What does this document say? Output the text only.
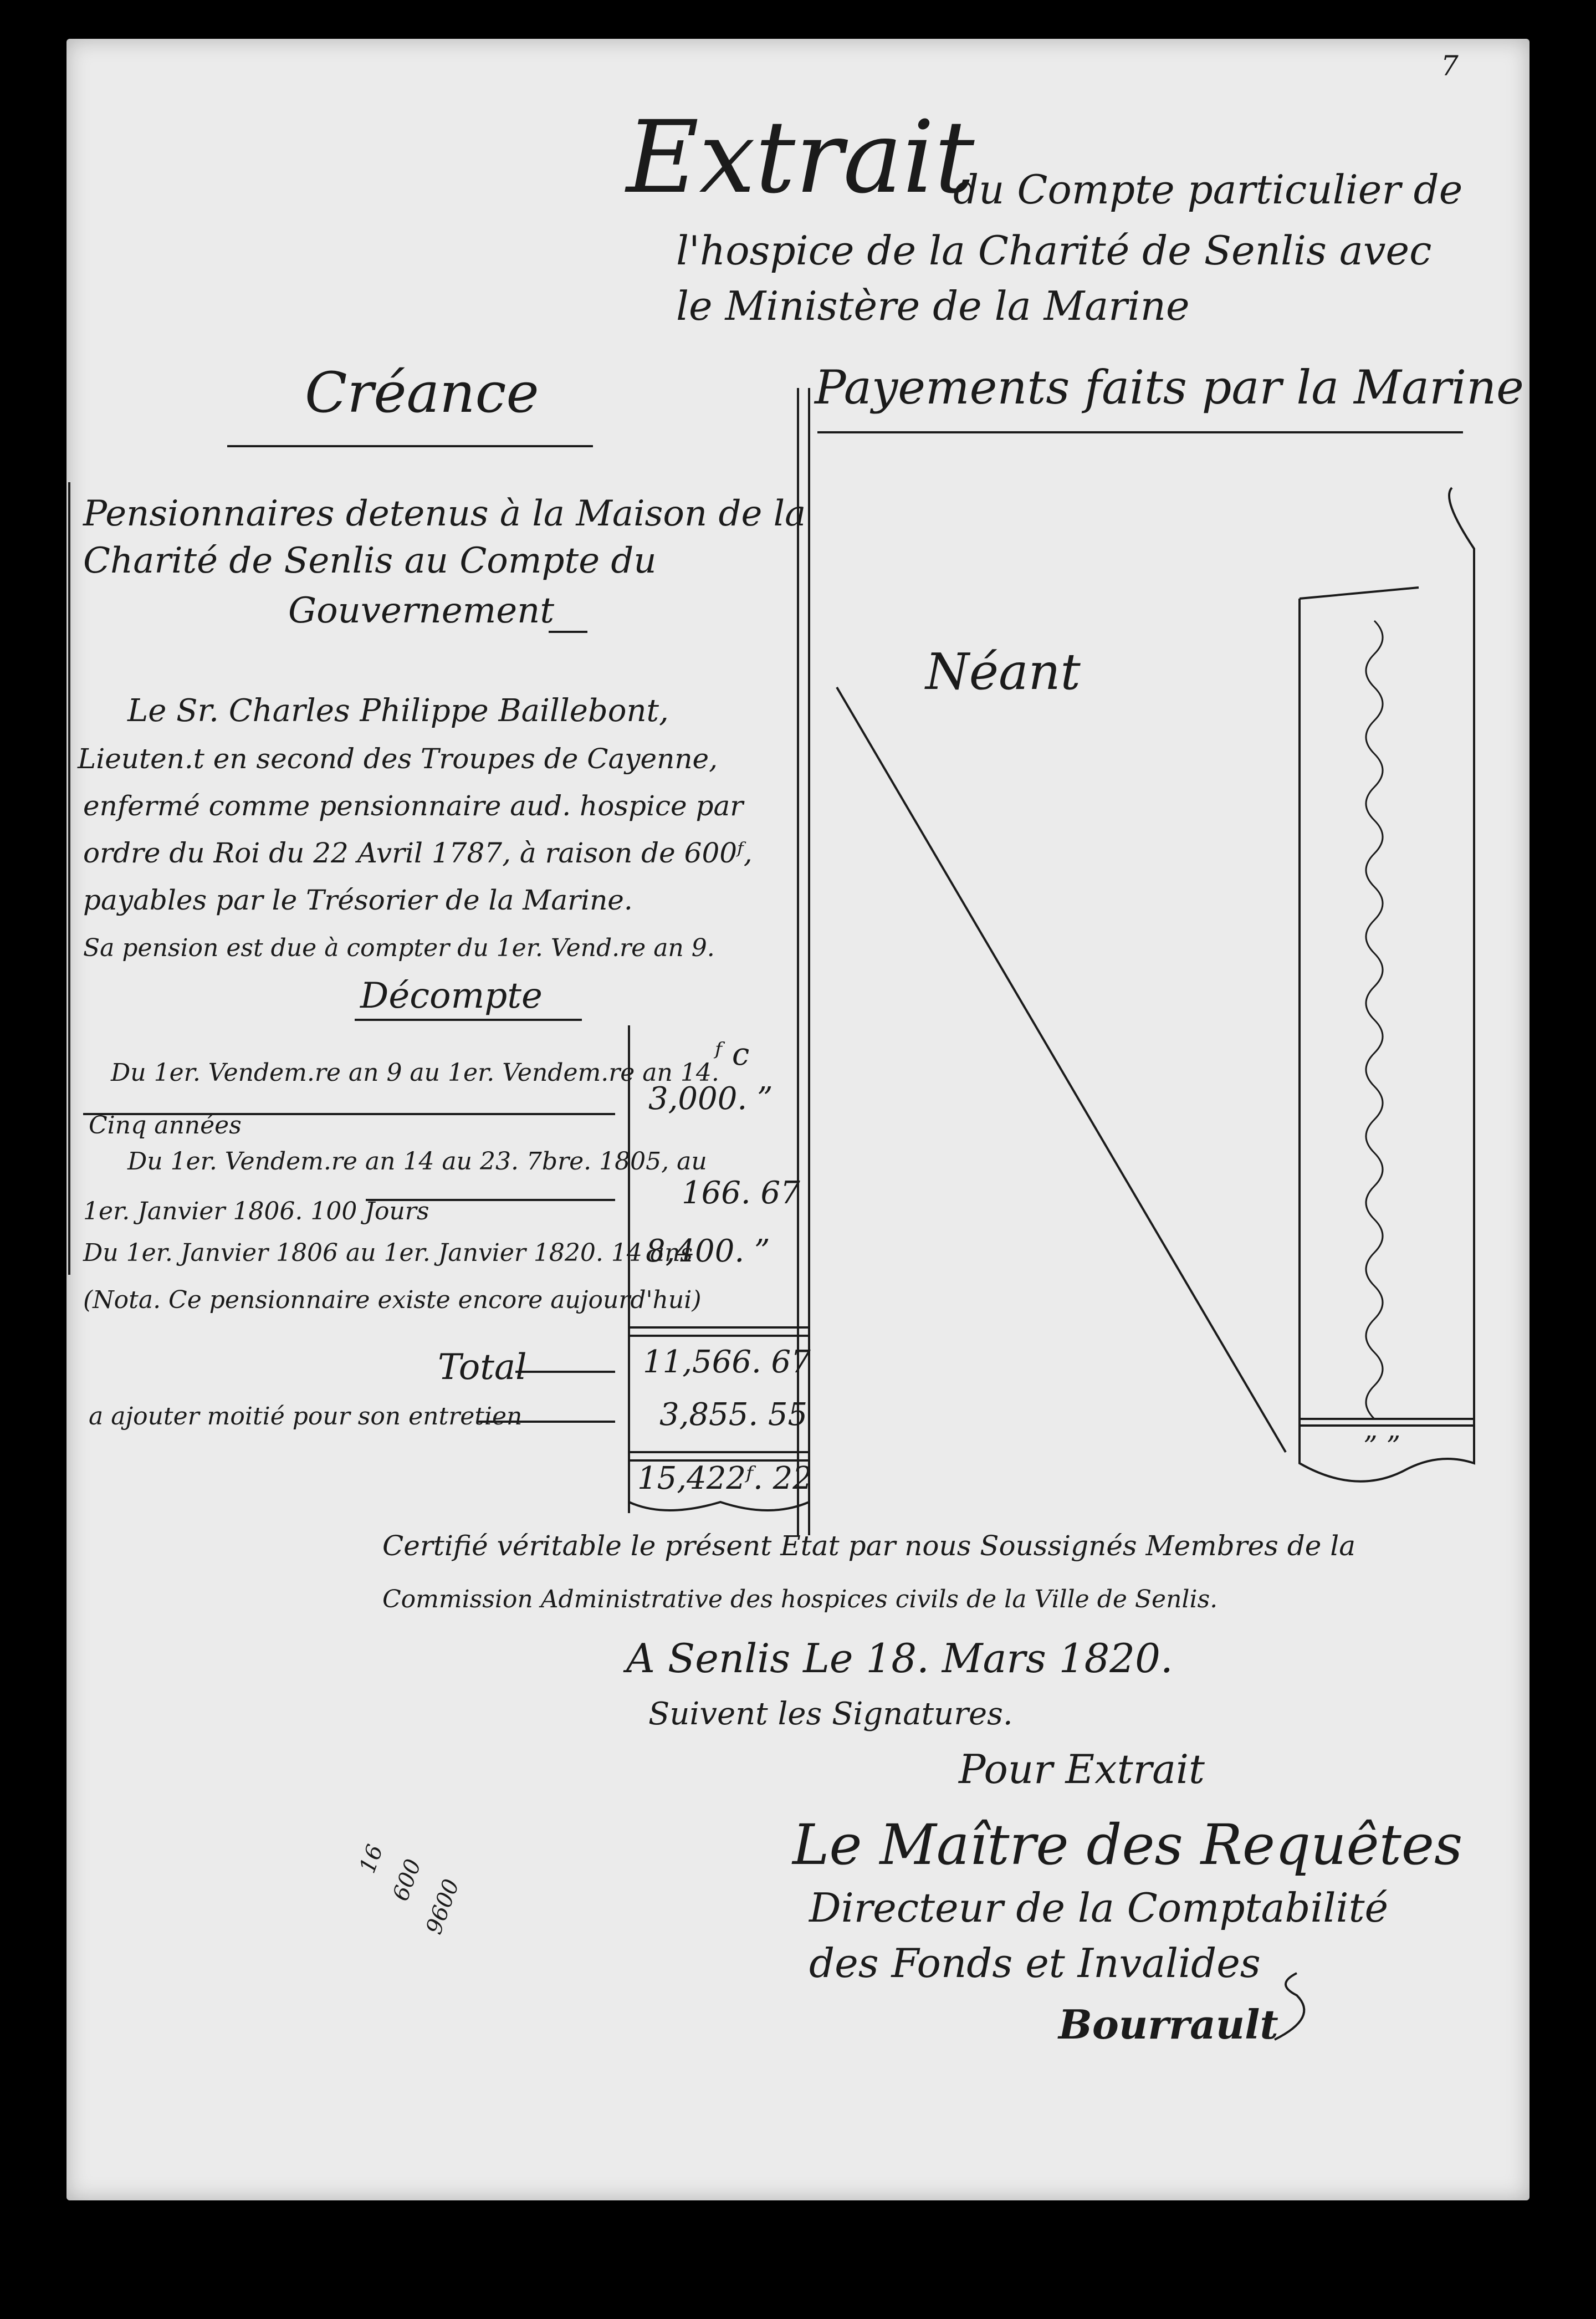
7
Extrait
du Compte particulier de
l'hospice de la Charité de Senlis avec
le Ministère de la Marine
Créance
Pensionnaires detenus à la Maison de la
Charité de Senlis au Compte du
Gouvernement
Le Sr. Charles Philippe Baillebont,
Lieuten.t en second des Troupes de Cayenne,
enfermé comme pensionnaire aud. hospice par
ordre du Roi du 22 Avril 1787, à raison de 600ᶠ,
payables par le Trésorier de la Marine.
Sa pension est due à compter du 1er. Vend.re an 9.
Décompte
ᶠ c
Du 1er. Vendem.re an 9 au 1er. Vendem.re an 14.
Cinq années
3,000. ”
Du 1er. Vendem.re an 14 au 23. 7bre. 1805, au
1er. Janvier 1806. 100 Jours
166. 67
Du 1er. Janvier 1806 au 1er. Janvier 1820. 14 ans
(Nota. Ce pensionnaire existe encore aujourd'hui)
8,400. ”
Total	11,566. 67
a ajouter moitié pour son entretien	3,855. 55
15,422ᶠ. 22
Payements faits par la Marine
Néant
” ”
Certifié véritable le présent Etat par nous Soussignés Membres de la
Commission Administrative des hospices civils de la Ville de Senlis.
A Senlis Le 18. Mars 1820.
Suivent les Signatures.
Pour Extrait
Le Maître des Requêtes
Directeur de la Comptabilité
des Fonds et Invalides
Bourrault
16 600
9600
